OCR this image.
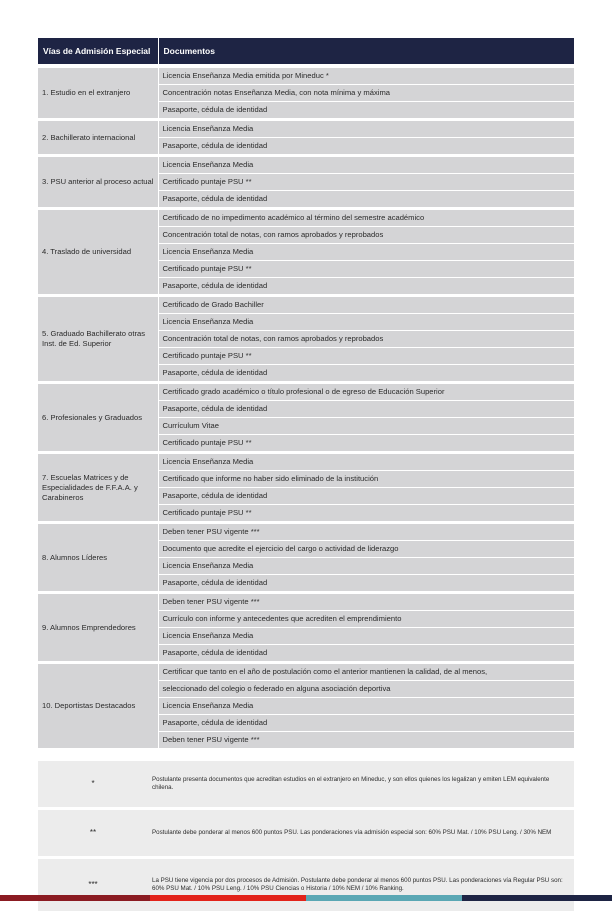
Vías de Admisión Especial	Documentos

1. Estudio en el extranjero	Licencia Enseñanza Media emitida por Mineduc *
	Concentración notas Enseñanza Media, con nota mínima y máxima
	Pasaporte, cédula de identidad
2. Bachillerato internacional	Licencia Enseñanza Media
	Pasaporte, cédula de identidad
3. PSU anterior al proceso actual	Licencia Enseñanza Media
	Certificado puntaje PSU **
	Pasaporte, cédula de identidad
4. Traslado de universidad	Certificado de no impedimento académico al término del semestre académico
	Concentración total de notas, con ramos aprobados y reprobados
	Licencia Enseñanza Media
	Certificado puntaje PSU **
	Pasaporte, cédula de identidad
5. Graduado Bachillerato otras Inst. de Ed. Superior	Certificado de Grado Bachiller
	Licencia Enseñanza Media
	Concentración total de notas, con ramos aprobados y reprobados
	Certificado puntaje PSU **
	Pasaporte, cédula de identidad
6. Profesionales y Graduados	Certificado grado académico o título profesional o de egreso de Educación Superior
	Pasaporte, cédula de identidad
	Currículum Vitae
	Certificado puntaje PSU **
7. Escuelas Matrices y de Especialidades de F.F.A.A. y Carabineros	Licencia Enseñanza Media
	Certificado que informe no haber sido eliminado de la institución
	Pasaporte, cédula de identidad
	Certificado puntaje PSU **
8. Alumnos Líderes	Deben tener PSU vigente ***
	Documento que acredite el ejercicio del cargo o actividad de liderazgo
	Licencia Enseñanza Media
	Pasaporte, cédula de identidad
9. Alumnos Emprendedores	Deben tener PSU vigente ***
	Currículo con informe y antecedentes que acrediten el emprendimiento
	Licencia Enseñanza Media
	Pasaporte, cédula de identidad
10. Deportistas Destacados	Certificar que tanto en el año de postulación como el anterior mantienen la calidad, de al menos,
	seleccionado del colegio o federado en alguna asociación deportiva
	Licencia Enseñanza Media
	Pasaporte, cédula de identidad
	Deben tener PSU vigente ***
*	Postulante presenta documentos que acreditan estudios en el extranjero en Mineduc, y son ellos quienes los legalizan y emiten LEM equivalente chilena.
**	Postulante debe ponderar al menos 600 puntos PSU. Las ponderaciones vía admisión especial son: 60% PSU Mat. / 10% PSU Leng. / 30% NEM
***	La PSU tiene vigencia por dos procesos de Admisión. Postulante debe ponderar al menos 600 puntos PSU. Las ponderaciones vía Regular PSU son: 60% PSU Mat. / 10% PSU Leng. / 10% PSU Ciencias o Historia / 10% NEM / 10% Ranking.
